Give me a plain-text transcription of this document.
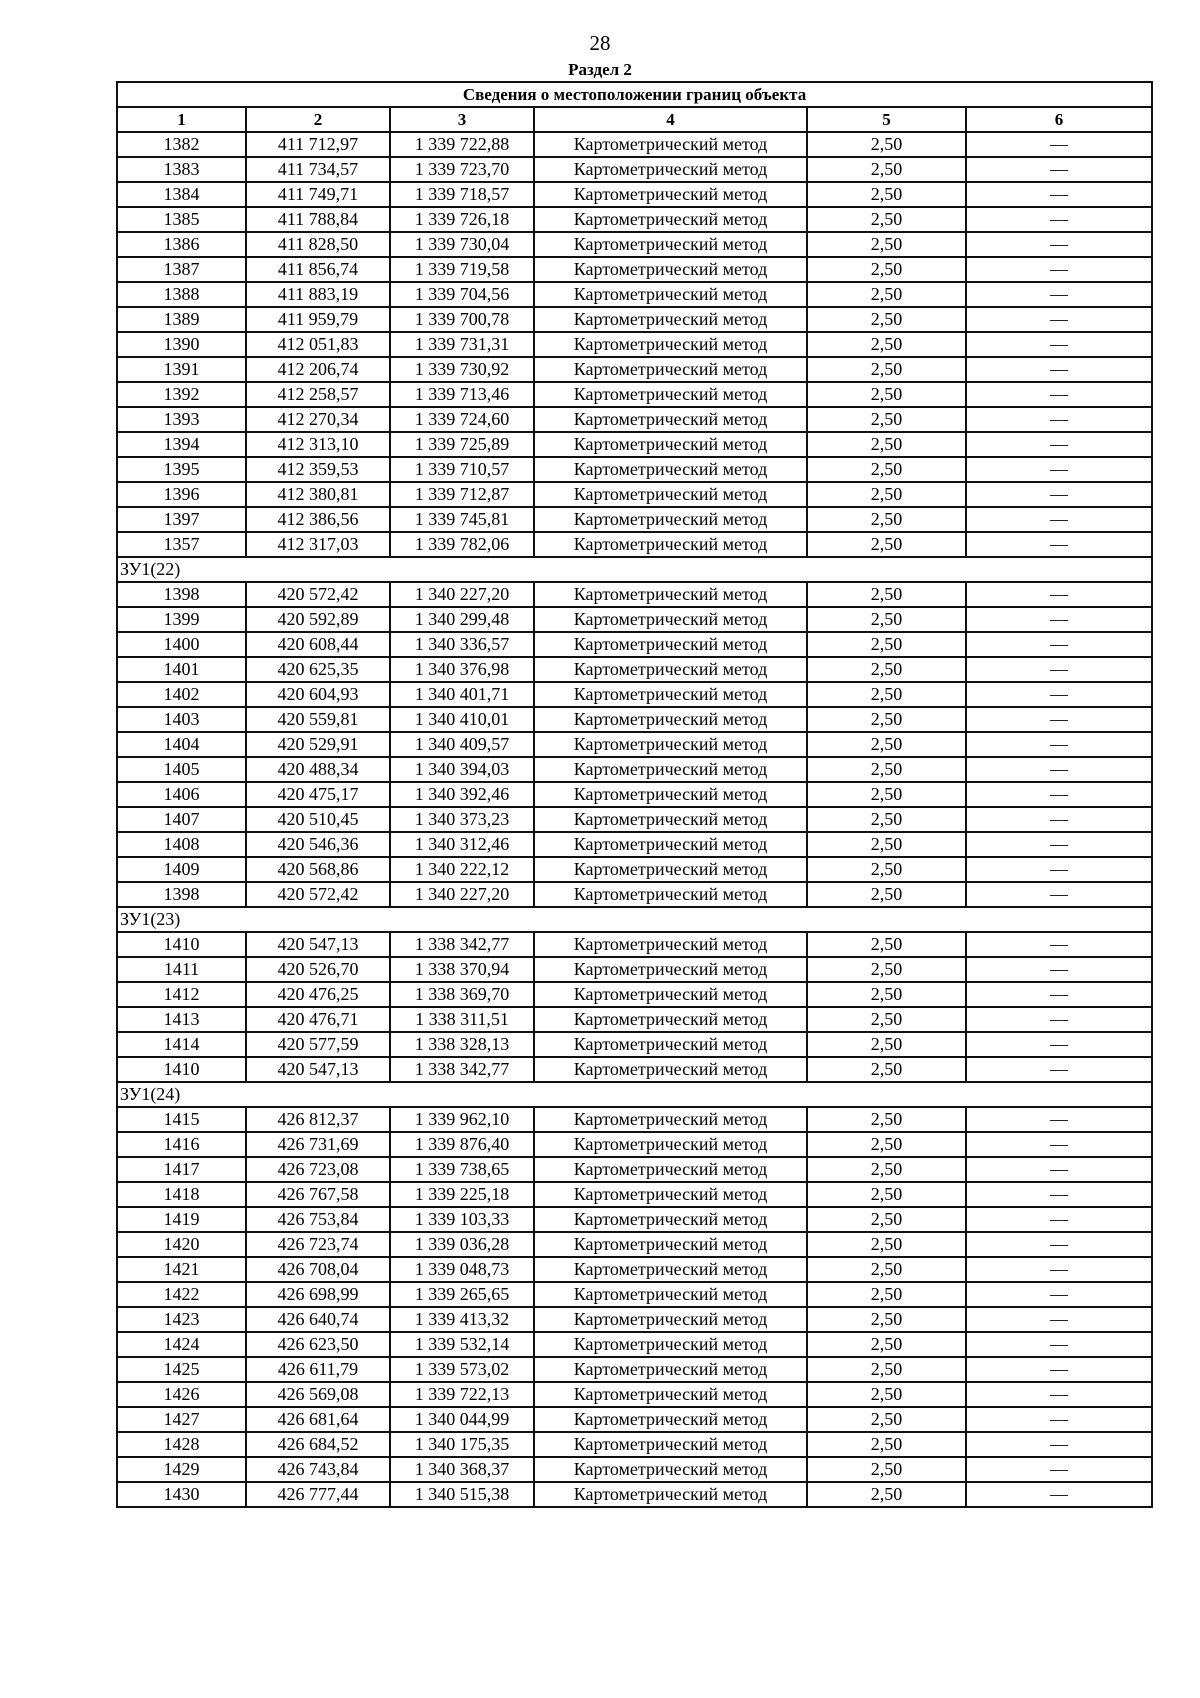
28
Раздел 2
Сведения о местоположении границ объекта					
1	2	3	4	5	6
1382	411 712,97	1 339 722,88	Картометрический метод	2,50	—
1383	411 734,57	1 339 723,70	Картометрический метод	2,50	—
1384	411 749,71	1 339 718,57	Картометрический метод	2,50	—
1385	411 788,84	1 339 726,18	Картометрический метод	2,50	—
1386	411 828,50	1 339 730,04	Картометрический метод	2,50	—
1387	411 856,74	1 339 719,58	Картометрический метод	2,50	—
1388	411 883,19	1 339 704,56	Картометрический метод	2,50	—
1389	411 959,79	1 339 700,78	Картометрический метод	2,50	—
1390	412 051,83	1 339 731,31	Картометрический метод	2,50	—
1391	412 206,74	1 339 730,92	Картометрический метод	2,50	—
1392	412 258,57	1 339 713,46	Картометрический метод	2,50	—
1393	412 270,34	1 339 724,60	Картометрический метод	2,50	—
1394	412 313,10	1 339 725,89	Картометрический метод	2,50	—
1395	412 359,53	1 339 710,57	Картометрический метод	2,50	—
1396	412 380,81	1 339 712,87	Картометрический метод	2,50	—
1397	412 386,56	1 339 745,81	Картометрический метод	2,50	—
1357	412 317,03	1 339 782,06	Картометрический метод	2,50	—
ЗУ1(22)					
1398	420 572,42	1 340 227,20	Картометрический метод	2,50	—
1399	420 592,89	1 340 299,48	Картометрический метод	2,50	—
1400	420 608,44	1 340 336,57	Картометрический метод	2,50	—
1401	420 625,35	1 340 376,98	Картометрический метод	2,50	—
1402	420 604,93	1 340 401,71	Картометрический метод	2,50	—
1403	420 559,81	1 340 410,01	Картометрический метод	2,50	—
1404	420 529,91	1 340 409,57	Картометрический метод	2,50	—
1405	420 488,34	1 340 394,03	Картометрический метод	2,50	—
1406	420 475,17	1 340 392,46	Картометрический метод	2,50	—
1407	420 510,45	1 340 373,23	Картометрический метод	2,50	—
1408	420 546,36	1 340 312,46	Картометрический метод	2,50	—
1409	420 568,86	1 340 222,12	Картометрический метод	2,50	—
1398	420 572,42	1 340 227,20	Картометрический метод	2,50	—
ЗУ1(23)					
1410	420 547,13	1 338 342,77	Картометрический метод	2,50	—
1411	420 526,70	1 338 370,94	Картометрический метод	2,50	—
1412	420 476,25	1 338 369,70	Картометрический метод	2,50	—
1413	420 476,71	1 338 311,51	Картометрический метод	2,50	—
1414	420 577,59	1 338 328,13	Картометрический метод	2,50	—
1410	420 547,13	1 338 342,77	Картометрический метод	2,50	—
ЗУ1(24)					
1415	426 812,37	1 339 962,10	Картометрический метод	2,50	—
1416	426 731,69	1 339 876,40	Картометрический метод	2,50	—
1417	426 723,08	1 339 738,65	Картометрический метод	2,50	—
1418	426 767,58	1 339 225,18	Картометрический метод	2,50	—
1419	426 753,84	1 339 103,33	Картометрический метод	2,50	—
1420	426 723,74	1 339 036,28	Картометрический метод	2,50	—
1421	426 708,04	1 339 048,73	Картометрический метод	2,50	—
1422	426 698,99	1 339 265,65	Картометрический метод	2,50	—
1423	426 640,74	1 339 413,32	Картометрический метод	2,50	—
1424	426 623,50	1 339 532,14	Картометрический метод	2,50	—
1425	426 611,79	1 339 573,02	Картометрический метод	2,50	—
1426	426 569,08	1 339 722,13	Картометрический метод	2,50	—
1427	426 681,64	1 340 044,99	Картометрический метод	2,50	—
1428	426 684,52	1 340 175,35	Картометрический метод	2,50	—
1429	426 743,84	1 340 368,37	Картометрический метод	2,50	—
1430	426 777,44	1 340 515,38	Картометрический метод	2,50	—
